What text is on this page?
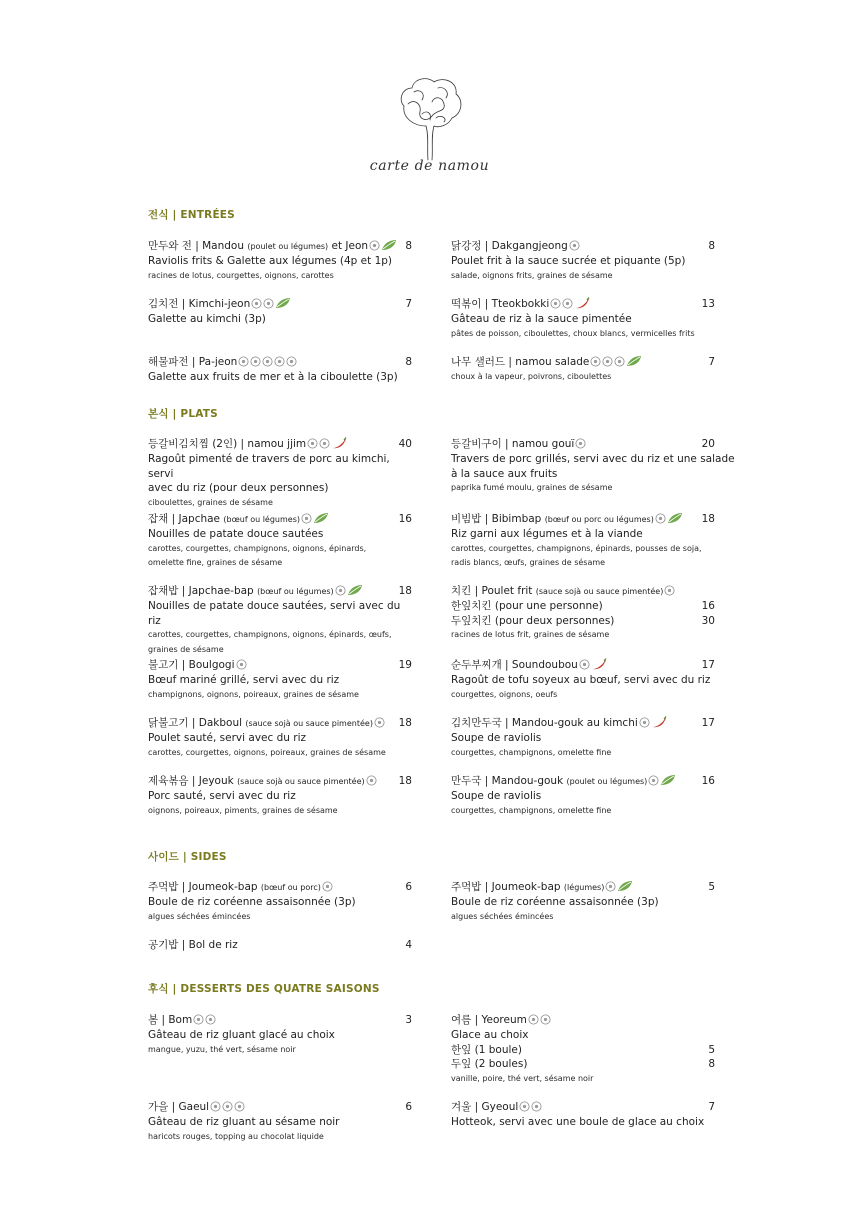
carte de namou
전식 | ENTRÉES
만두와 전 | Mandou (poulet ou légumes) et Jeon	8
Raviolis frits & Galette aux légumes (4p et 1p)
racines de lotus, courgettes, oignons, carottes
닭강정 | Dakgangjeong	8
Poulet frit à la sauce sucrée et piquante (5p)
salade, oignons frits, graines de sésame
김치전 | Kimchi-jeon	7
Galette au kimchi (3p)
떡볶이 | Tteokbokki	13
Gâteau de riz à la sauce pimentée
pâtes de poisson, ciboulettes, choux blancs, vermicelles frits
해물파전 | Pa-jeon	8
Galette aux fruits de mer et à la ciboulette (3p)
나무 샐러드 | namou salade	7
choux à la vapeur, poivrons, ciboulettes
본식 | PLATS
등갈비김치찜 (2인) | namou jjim	40
Ragoût pimenté de travers de porc au kimchi, servi
avec du riz (pour deux personnes)
ciboulettes, graines de sésame
등갈비구이 | namou gouï	20
Travers de porc grillés, servi avec du riz et une salade
à la sauce aux fruits
paprika fumé moulu, graines de sésame
잡채 | Japchae (bœuf ou légumes)	16
Nouilles de patate douce sautées
carottes, courgettes, champignons, oignons, épinards,
omelette fine, graines de sésame
비빔밥 | Bibimbap (bœuf ou porc ou légumes)	18
Riz garni aux légumes et à la viande
carottes, courgettes, champignons, épinards, pousses de soja,
radis blancs, œufs, graines de sésame
잡채밥 | Japchae-bap (bœuf ou légumes)	18
Nouilles de patate douce sautées, servi avec du riz
carottes, courgettes, champignons, oignons, épinards, œufs,
graines de sésame
치킨 | Poulet frit (sauce sojà ou sauce pimentée)
한잎치킨 (pour une personne)	16
두잎치킨 (pour deux personnes)	30
racines de lotus frit, graines de sésame
불고기 | Boulgogi	19
Bœuf mariné grillé, servi avec du riz
champignons, oignons, poireaux, graines de sésame
순두부찌개 | Soundoubou	17
Ragoût de tofu soyeux au bœuf, servi avec du riz
courgettes, oignons, oeufs
닭불고기 | Dakboul (sauce sojà ou sauce pimentée) 18
Poulet sauté, servi avec du riz
carottes, courgettes, oignons, poireaux, graines de sésame
김치만두국 | Mandou-gouk au kimchi	17
Soupe de raviolis
courgettes, champignons, omelette fine
제육볶음 | Jeyouk (sauce sojà ou sauce pimentée)	18
Porc sauté, servi avec du riz
oignons, poireaux, piments, graines de sésame
만두국 | Mandou-gouk (poulet ou légumes)	16
Soupe de raviolis
courgettes, champignons, omelette fine
사이드 | SIDES
주먹밥 | Joumeok-bap (bœuf ou porc)	6
Boule de riz coréenne assaisonnée (3p)
algues séchées émincées
주먹밥 | Joumeok-bap (légumes)	5
Boule de riz coréenne assaisonnée (3p)
algues séchées émincées
공기밥 | Bol de riz	4
후식 | DESSERTS DES QUATRE SAISONS
봄 | Bom	3
Gâteau de riz gluant glacé au choix
mangue, yuzu, thé vert, sésame noir
여름 | Yeoreum
Glace au choix
한잎 (1 boule)	5
두잎 (2 boules)	8
vanille, poire, thé vert, sésame noir
가을 | Gaeul	6
Gâteau de riz gluant au sésame noir
haricots rouges, topping au chocolat liquide
겨울 | Gyeoul	7
Hotteok, servi avec une boule de glace au choix
